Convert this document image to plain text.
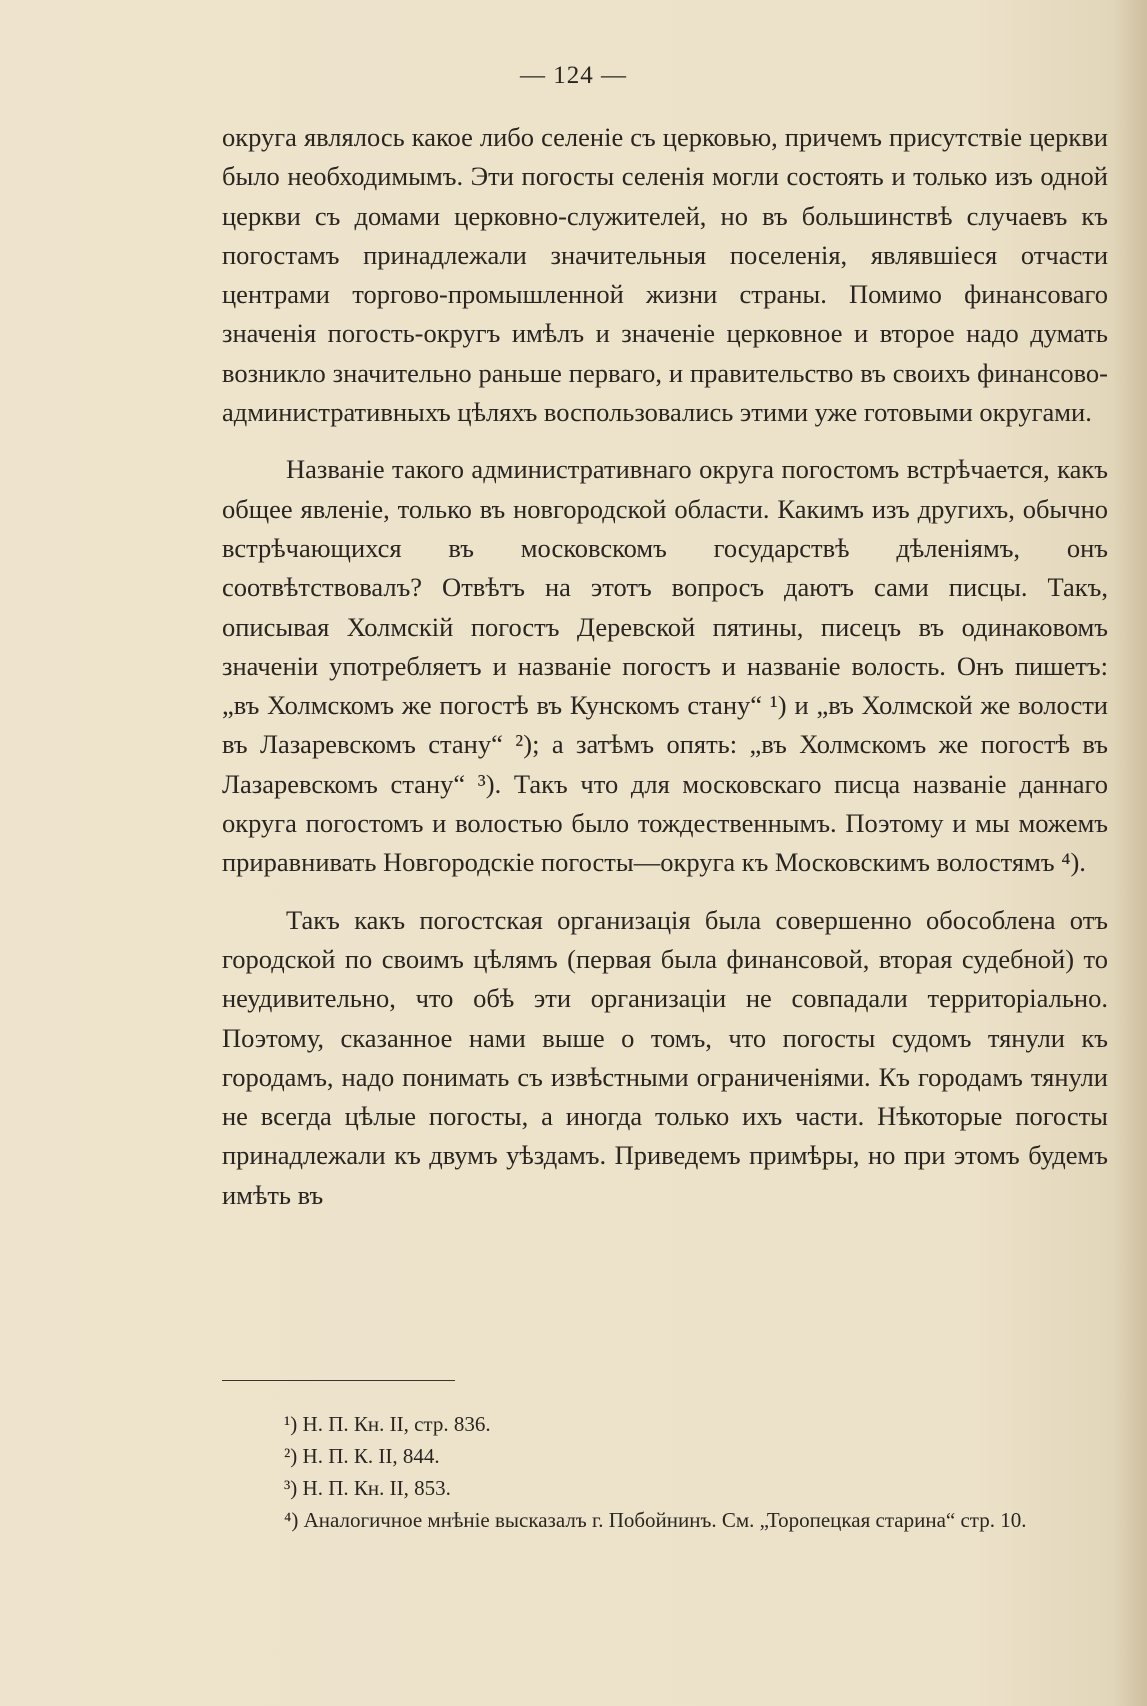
— 124 —

округа являлось какое либо селеніе съ церковью, причемъ присутствіе церкви было необходимымъ. Эти погосты селенія могли состоять и только изъ одной церкви съ домами церковно-служителей, но въ большинствѣ случаевъ къ погостамъ принадлежали значительныя поселенія, являвшіеся отчасти центрами торгово-промышленной жизни страны. Помимо финансоваго значенія погость-округъ имѣлъ и значеніе церковное и второе надо думать возникло значительно раньше перваго, и правительство въ своихъ финансово-административныхъ цѣляхъ воспользовались этими уже готовыми округами.

Названіе такого административнаго округа погостомъ встрѣчается, какъ общее явленіе, только въ новгородской области. Какимъ изъ другихъ, обычно встрѣчающихся въ московскомъ государствѣ дѣленіямъ, онъ соотвѣтствовалъ? Отвѣтъ на этотъ вопросъ даютъ сами писцы. Такъ, описывая Холмскій погостъ Деревской пятины, писецъ въ одинаковомъ значеніи употребляетъ и названіе погостъ и названіе волость. Онъ пишетъ: „въ Холмскомъ же погостѣ въ Кунскомъ стану“ ¹) и „въ Холмской же волости въ Лазаревскомъ стану“ ²); а затѣмъ опять: „въ Холмскомъ же погостѣ въ Лазаревскомъ стану“ ³). Такъ что для московскаго писца названіе даннаго округа погостомъ и волостью было тождественнымъ. Поэтому и мы можемъ приравнивать Новгородскіе погосты—округа къ Московскимъ волостямъ ⁴).

Такъ какъ погостская организація была совершенно обособлена отъ городской по своимъ цѣлямъ (первая была финансовой, вторая судебной) то неудивительно, что обѣ эти организаціи не совпадали территоріально. Поэтому, сказанное нами выше о томъ, что погосты судомъ тянули къ городамъ, надо понимать съ извѣстными ограниченіями. Къ городамъ тянули не всегда цѣлые погосты, а иногда только ихъ части. Нѣкоторые погосты принадлежали къ двумъ уѣздамъ. Приведемъ примѣры, но при этомъ будемъ имѣть въ

¹) Н. П. Кн. II, стр. 836.

²) Н. П. К. II, 844.

³) Н. П. Кн. II, 853.

⁴) Аналогичное мнѣніе высказалъ г. Побойнинъ. См. „Торопецкая старина“ стр. 10.
